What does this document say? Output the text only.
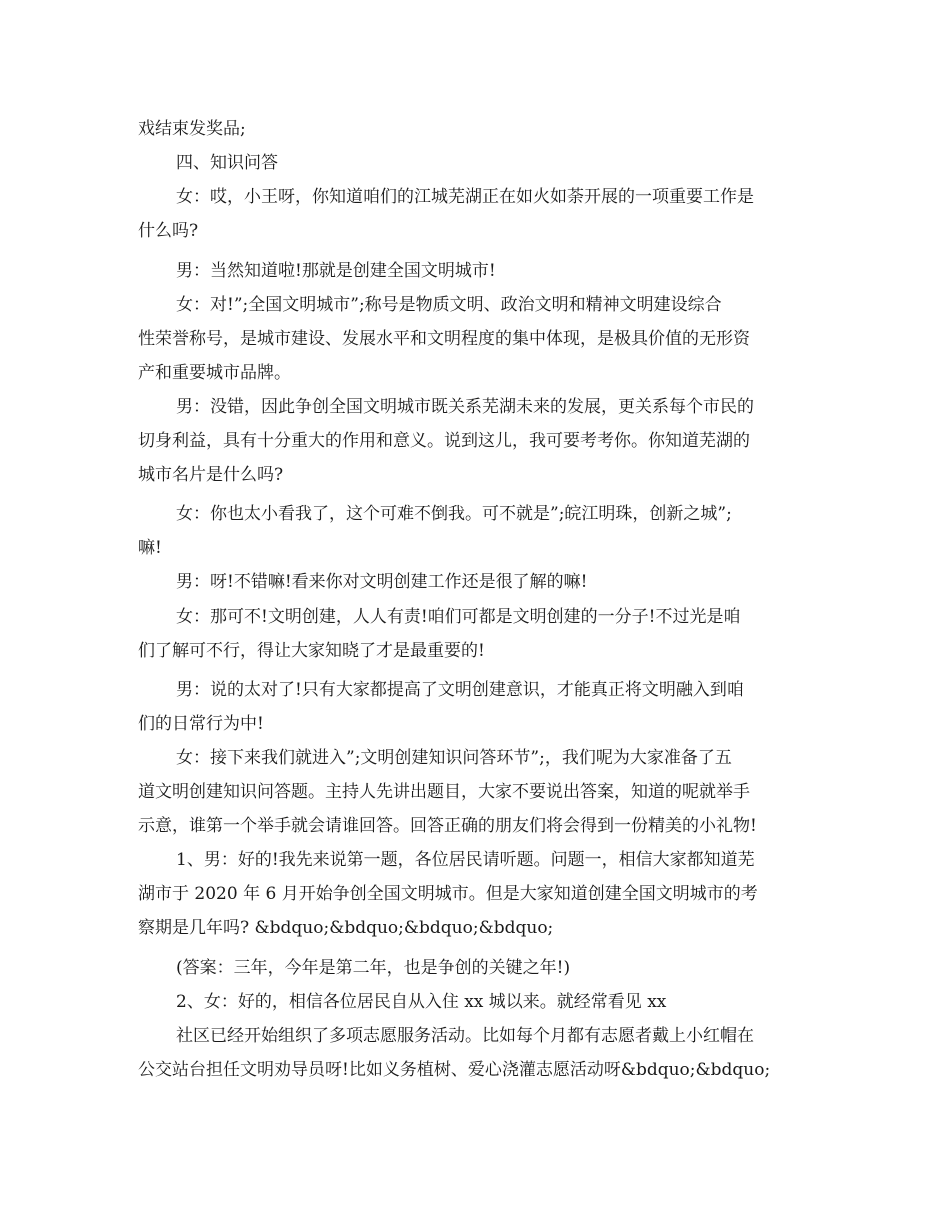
戏结束发奖品;
四、知识问答
女：哎，小王呀，你知道咱们的江城芜湖正在如火如荼开展的一项重要工作是
什么吗?
男：当然知道啦!那就是创建全国文明城市!
女：对!”;全国文明城市”;称号是物质文明、政治文明和精神文明建设综合
性荣誉称号，是城市建设、发展水平和文明程度的集中体现，是极具价值的无形资
产和重要城市品牌。
男：没错，因此争创全国文明城市既关系芜湖未来的发展，更关系每个市民的
切身利益，具有十分重大的作用和意义。说到这儿，我可要考考你。你知道芜湖的
城市名片是什么吗?
女：你也太小看我了，这个可难不倒我。可不就是”;皖江明珠，创新之城”;
嘛!
男：呀!不错嘛!看来你对文明创建工作还是很了解的嘛!
女：那可不!文明创建，人人有责!咱们可都是文明创建的一分子!不过光是咱
们了解可不行，得让大家知晓了才是最重要的!
男：说的太对了!只有大家都提高了文明创建意识，才能真正将文明融入到咱
们的日常行为中!
女：接下来我们就进入”;文明创建知识问答环节”;，我们呢为大家准备了五
道文明创建知识问答题。主持人先讲出题目，大家不要说出答案，知道的呢就举手
示意，谁第一个举手就会请谁回答。回答正确的朋友们将会得到一份精美的小礼物!
1、男：好的!我先来说第一题，各位居民请听题。问题一，相信大家都知道芜
湖市于 2020 年 6 月开始争创全国文明城市。但是大家知道创建全国文明城市的考
察期是几年吗? &bdquo;&bdquo;&bdquo;&bdquo;
(答案：三年，今年是第二年，也是争创的关键之年!)
2、女：好的，相信各位居民自从入住 xx 城以来。就经常看见 xx
社区已经开始组织了多项志愿服务活动。比如每个月都有志愿者戴上小红帽在
公交站台担任文明劝导员呀!比如义务植树、爱心浇灌志愿活动呀&bdquo;&bdquo;
